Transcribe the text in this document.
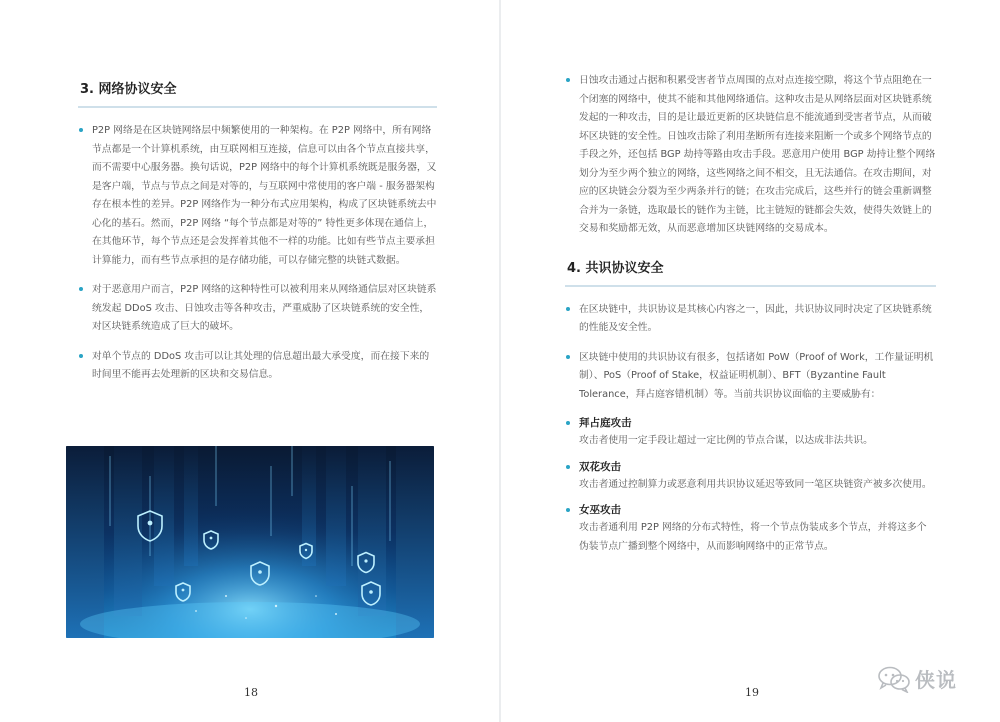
3. 网络协议安全
P2P 网络是在区块链网络层中频繁使用的一种架构。在 P2P 网络中，所有网络节点都是一个计算机系统，由互联网相互连接，信息可以由各个节点直接共享，而不需要中心服务器。换句话说，P2P 网络中的每个计算机系统既是服务器，又是客户端，节点与节点之间是对等的，与互联网中常使用的客户端 - 服务器架构存在根本性的差异。P2P 网络作为一种分布式应用架构，构成了区块链系统去中心化的基石。然而，P2P 网络 “每个节点都是对等的” 特性更多体现在通信上，在其他环节，每个节点还是会发挥着其他不一样的功能。比如有些节点主要承担计算能力，而有些节点承担的是存储功能，可以存储完整的块链式数据。
对于恶意用户而言，P2P 网络的这种特性可以被利用来从网络通信层对区块链系统发起 DDoS 攻击、日蚀攻击等各种攻击，严重威胁了区块链系统的安全性，对区块链系统造成了巨大的破坏。
对单个节点的 DDoS 攻击可以让其处理的信息超出最大承受度，而在接下来的时间里不能再去处理新的区块和交易信息。
18
日蚀攻击通过占据和积累受害者节点周围的点对点连接空隙，将这个节点阻绝在一个闭塞的网络中，使其不能和其他网络通信。这种攻击是从网络层面对区块链系统发起的一种攻击，目的是让最近更新的区块链信息不能流通到受害者节点，从而破坏区块链的安全性。日蚀攻击除了利用垄断所有连接来阻断一个或多个网络节点的手段之外，还包括 BGP 劫持等路由攻击手段。恶意用户使用 BGP 劫持让整个网络划分为至少两个独立的网络，这些网络之间不相交，且无法通信。在攻击期间，对应的区块链会分裂为至少两条并行的链；在攻击完成后，这些并行的链会重新调整合并为一条链，选取最长的链作为主链，比主链短的链都会失效，使得失效链上的交易和奖励都无效，从而恶意增加区块链网络的交易成本。
4. 共识协议安全
在区块链中，共识协议是其核心内容之一，因此，共识协议同时决定了区块链系统的性能及安全性。
区块链中使用的共识协议有很多，包括诸如 PoW（Proof of Work，工作量证明机制）、PoS（Proof of Stake，权益证明机制）、BFT（Byzantine Fault Tolerance，拜占庭容错机制）等。当前共识协议面临的主要威胁有：
拜占庭攻击
攻击者使用一定手段让超过一定比例的节点合谋，以达成非法共识。
双花攻击
攻击者通过控制算力或恶意利用共识协议延迟等致同一笔区块链资产被多次使用。
女巫攻击
攻击者通利用 P2P 网络的分布式特性，将一个节点伪装成多个节点，并将这多个伪装节点广播到整个网络中，从而影响网络中的正常节点。
19
侠说
